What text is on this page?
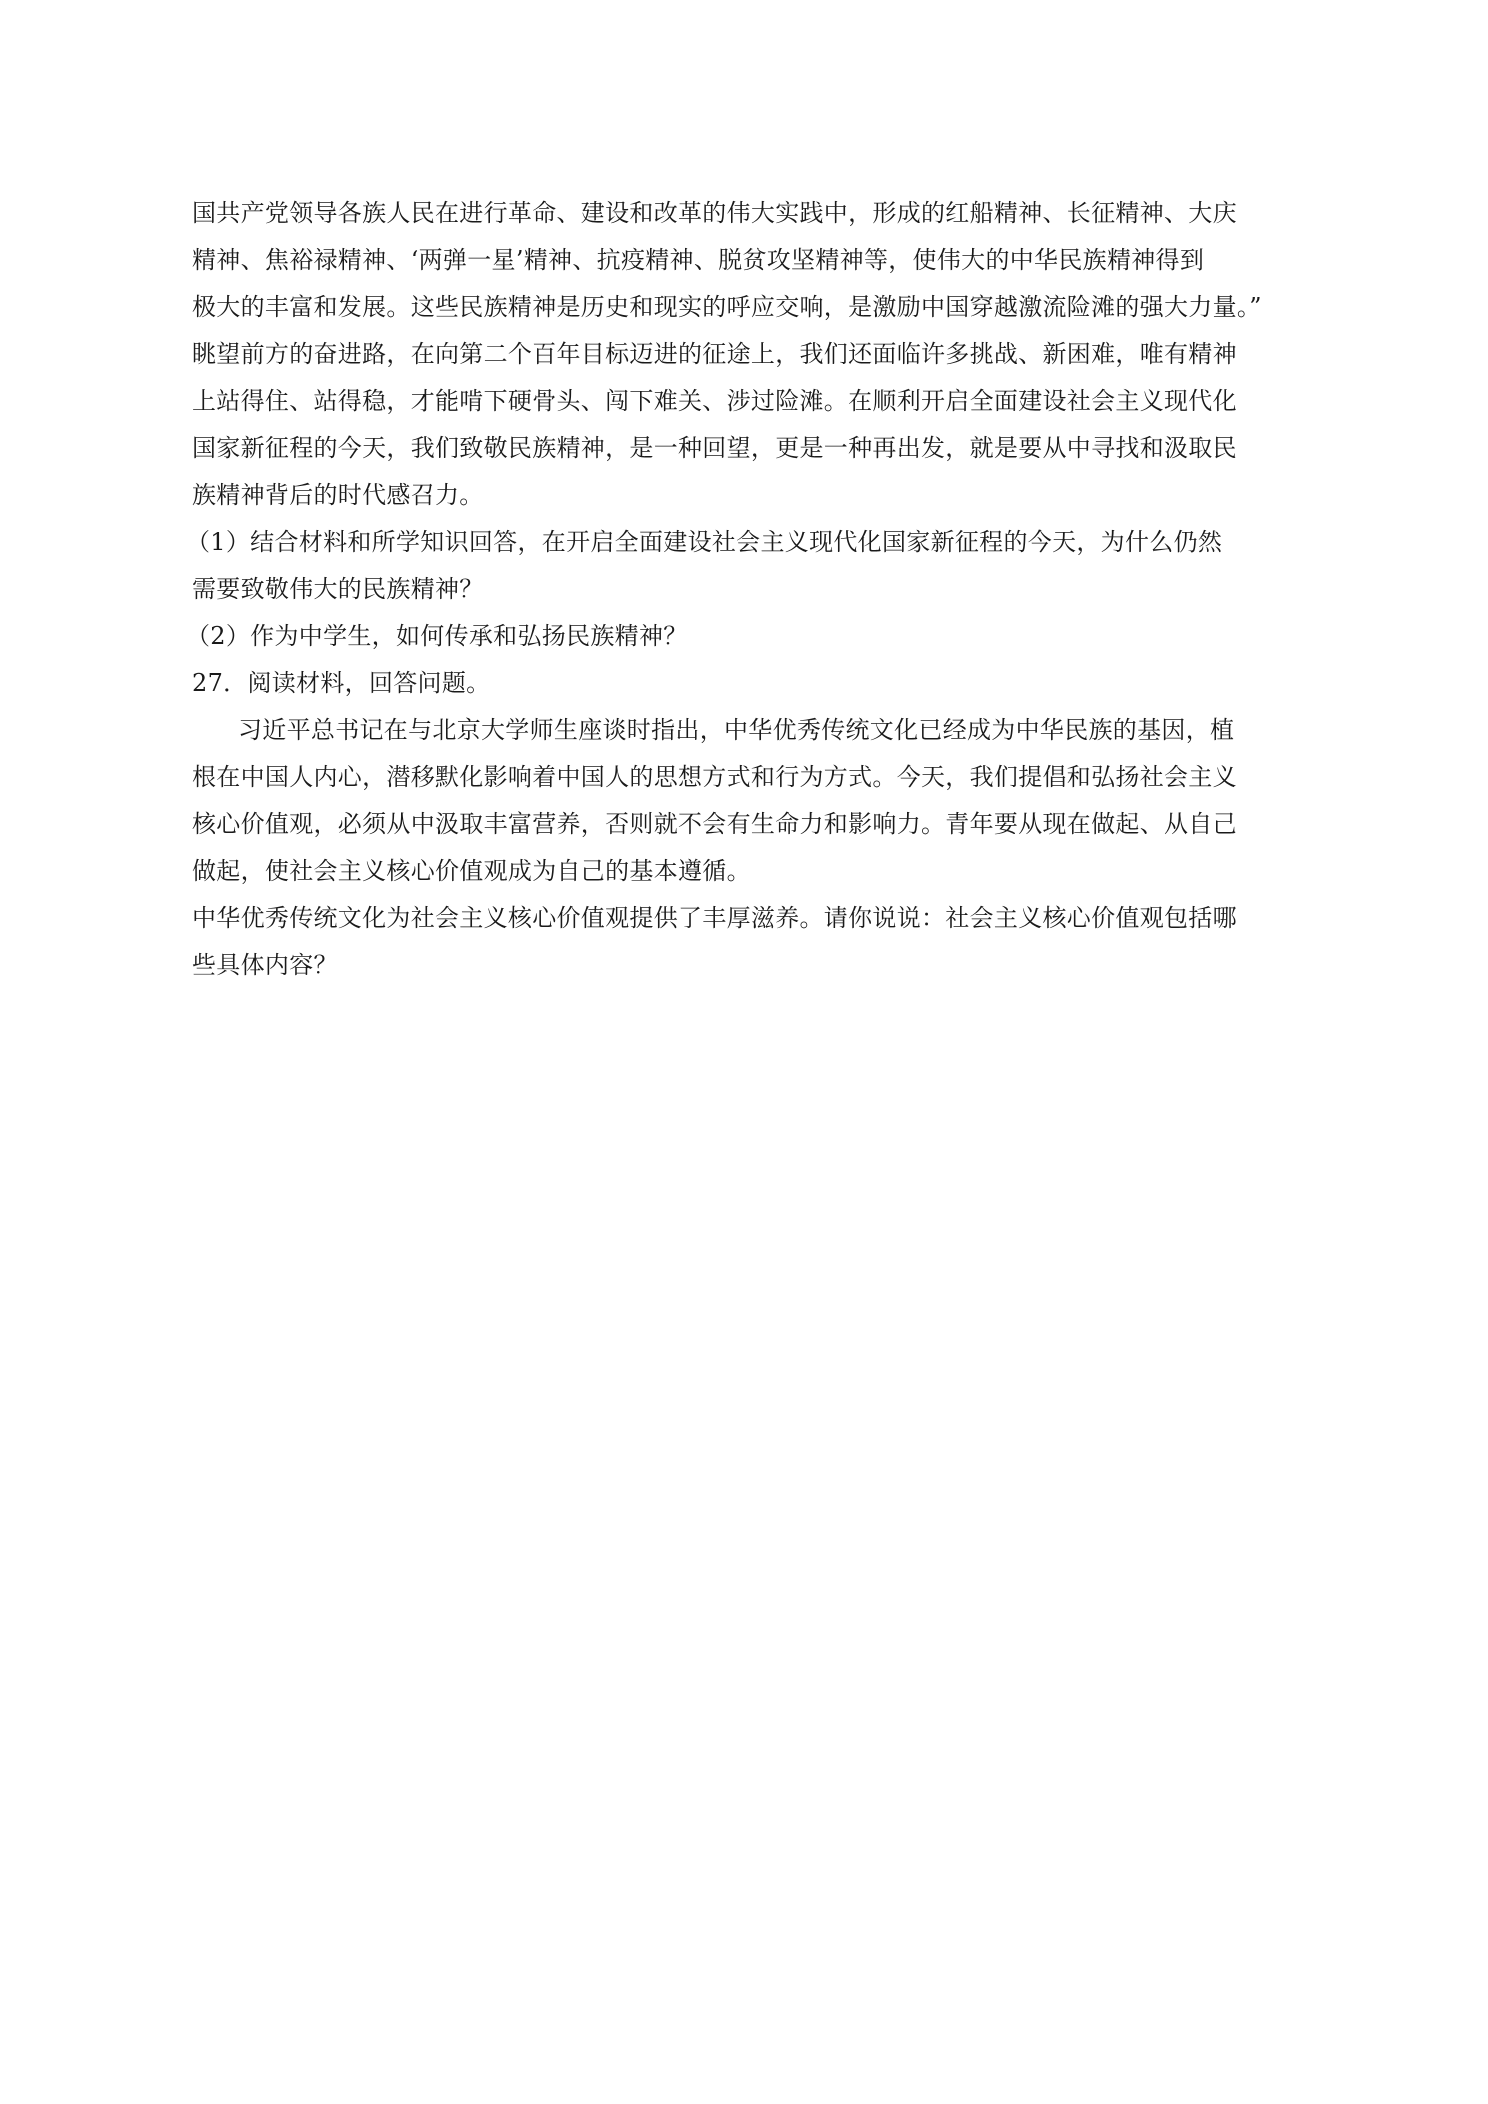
国共产党领导各族人民在进行革命、建设和改革的伟大实践中，形成的红船精神、长征精神、大庆
精神、焦裕禄精神、‘两弹一星’精神、抗疫精神、脱贫攻坚精神等，使伟大的中华民族精神得到
极大的丰富和发展。这些民族精神是历史和现实的呼应交响，是激励中国穿越激流险滩的强大力量。”
眺望前方的奋进路，在向第二个百年目标迈进的征途上，我们还面临许多挑战、新困难，唯有精神
上站得住、站得稳，才能啃下硬骨头、闯下难关、涉过险滩。在顺利开启全面建设社会主义现代化
国家新征程的今天，我们致敬民族精神，是一种回望，更是一种再出发，就是要从中寻找和汲取民
族精神背后的时代感召力。
（1）结合材料和所学知识回答，在开启全面建设社会主义现代化国家新征程的今天，为什么仍然
需要致敬伟大的民族精神？
（2）作为中学生，如何传承和弘扬民族精神？
27．阅读材料，回答问题。
习近平总书记在与北京大学师生座谈时指出，中华优秀传统文化已经成为中华民族的基因，植
根在中国人内心，潜移默化影响着中国人的思想方式和行为方式。今天，我们提倡和弘扬社会主义
核心价值观，必须从中汲取丰富营养，否则就不会有生命力和影响力。青年要从现在做起、从自己
做起，使社会主义核心价值观成为自己的基本遵循。
中华优秀传统文化为社会主义核心价值观提供了丰厚滋养。请你说说：社会主义核心价值观包括哪
些具体内容？
